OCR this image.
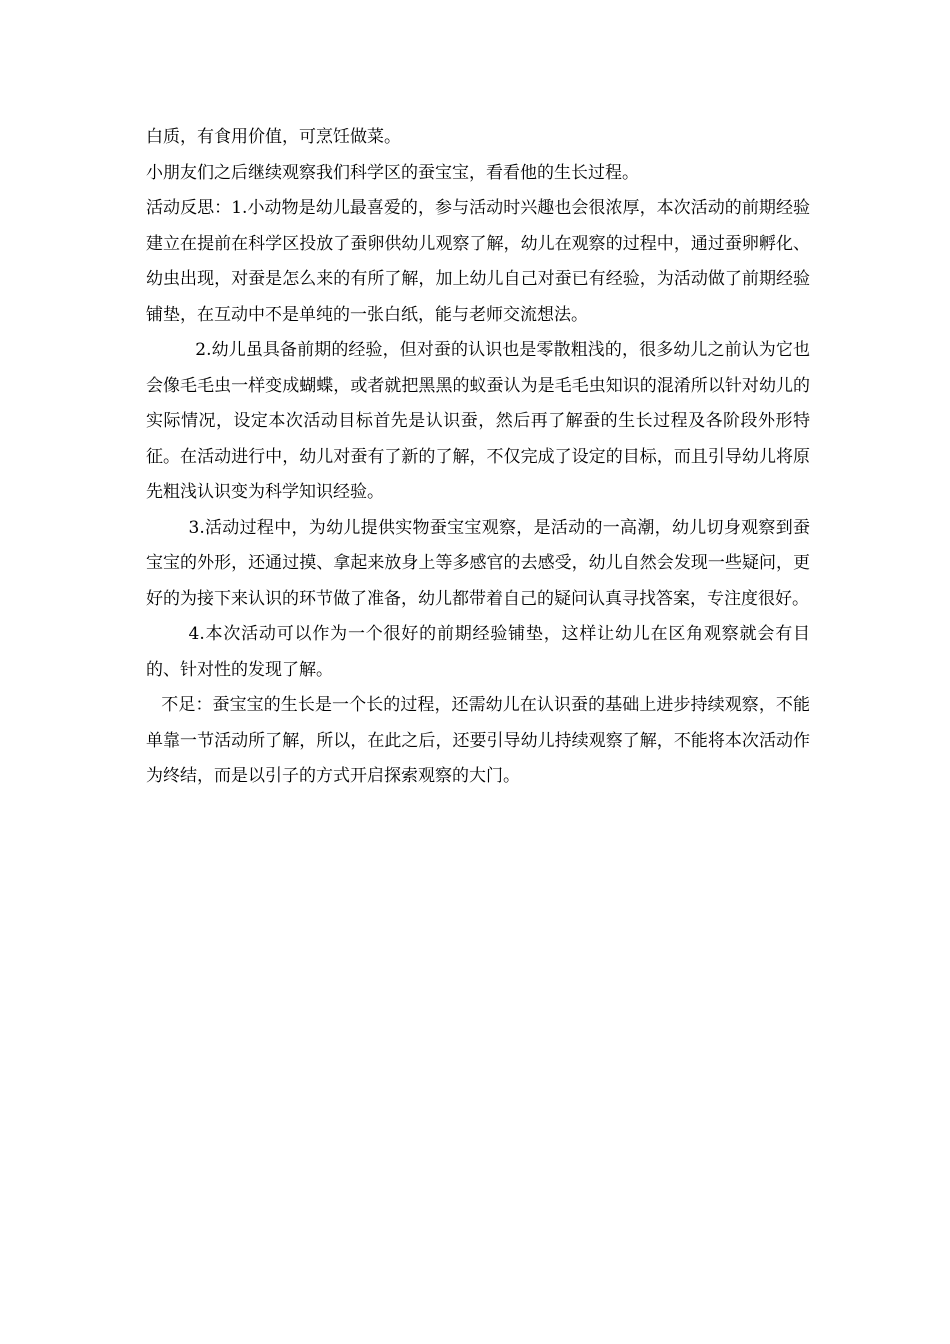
白质，有食用价值，可烹饪做菜。

小朋友们之后继续观察我们科学区的蚕宝宝，看看他的生长过程。

活动反思：1.小动物是幼儿最喜爱的，参与活动时兴趣也会很浓厚，本次活动的前期经验建立在提前在科学区投放了蚕卵供幼儿观察了解，幼儿在观察的过程中，通过蚕卵孵化、幼虫出现，对蚕是怎么来的有所了解，加上幼儿自己对蚕已有经验，为活动做了前期经验铺垫，在互动中不是单纯的一张白纸，能与老师交流想法。

2.幼儿虽具备前期的经验，但对蚕的认识也是零散粗浅的，很多幼儿之前认为它也会像毛毛虫一样变成蝴蝶，或者就把黑黑的蚁蚕认为是毛毛虫知识的混淆所以针对幼儿的实际情况，设定本次活动目标首先是认识蚕，然后再了解蚕的生长过程及各阶段外形特征。在活动进行中，幼儿对蚕有了新的了解，不仅完成了设定的目标，而且引导幼儿将原先粗浅认识变为科学知识经验。

3.活动过程中，为幼儿提供实物蚕宝宝观察，是活动的一高潮，幼儿切身观察到蚕宝宝的外形，还通过摸、拿起来放身上等多感官的去感受，幼儿自然会发现一些疑问，更好的为接下来认识的环节做了准备，幼儿都带着自己的疑问认真寻找答案，专注度很好。

4.本次活动可以作为一个很好的前期经验铺垫，这样让幼儿在区角观察就会有目的、针对性的发现了解。

不足：蚕宝宝的生长是一个长的过程，还需幼儿在认识蚕的基础上进步持续观察，不能单靠一节活动所了解，所以，在此之后，还要引导幼儿持续观察了解，不能将本次活动作为终结，而是以引子的方式开启探索观察的大门。
